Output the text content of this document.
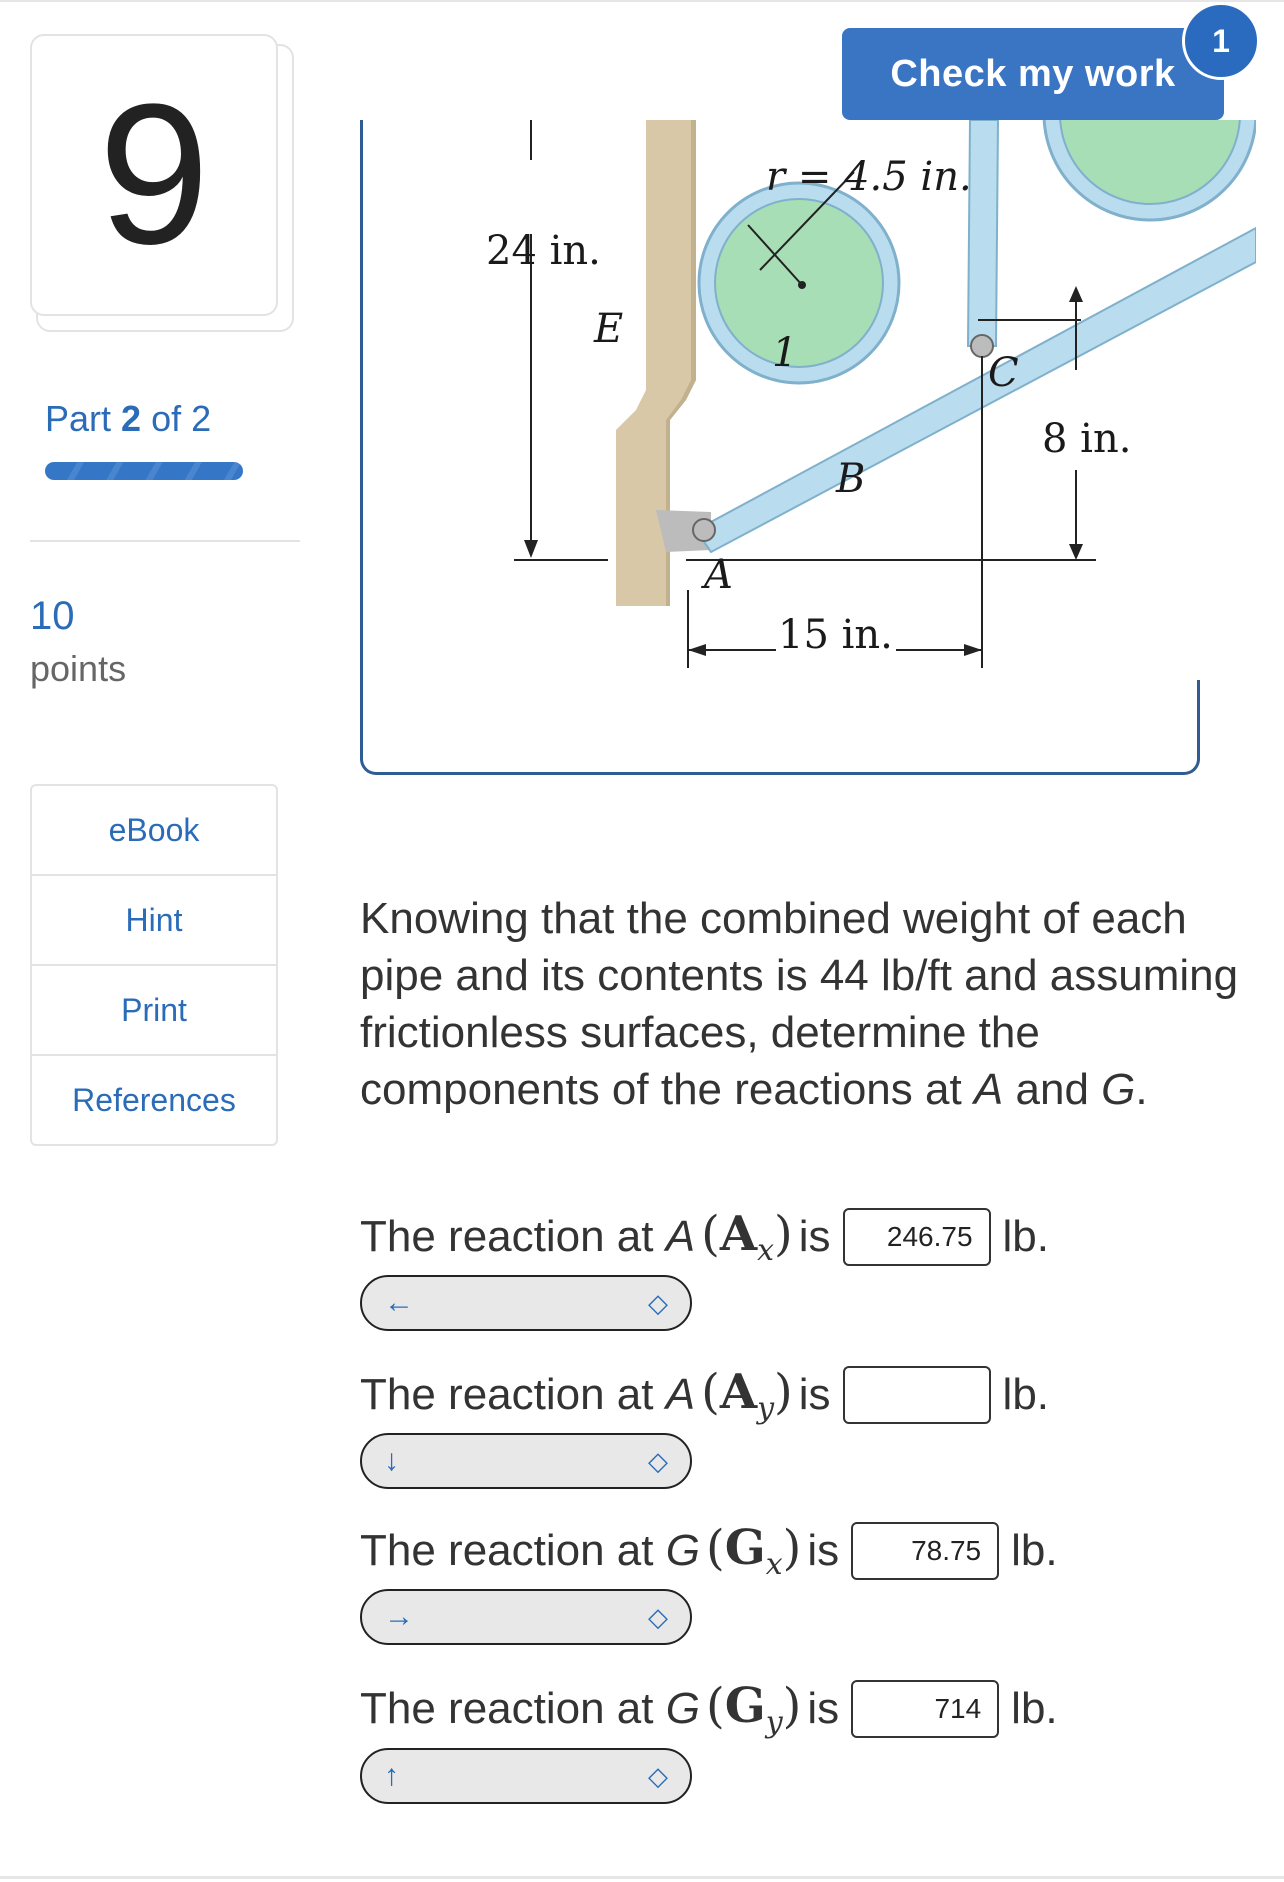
9
Part 2 of 2
10
points
eBook
Hint
Print
References
Check my work
1
r = 4.5 in.
24 in.
E
1	C
8 in.
B
A
15 in.
Knowing that the combined weight of each pipe and its contents is 44 lb/ft and assuming frictionless surfaces, determine the components of the reactions at A and G.
The reaction at
A $(A_x)$ is	246.75 lb.
←	◇
The reaction at
A $(A_y)$ is	lb.
↓	◇
The reaction at
G $(G_x)$ is	78.75 lb.
→	◇
The reaction at
G $(G_y)$ is	714 lb.
↑	◇
